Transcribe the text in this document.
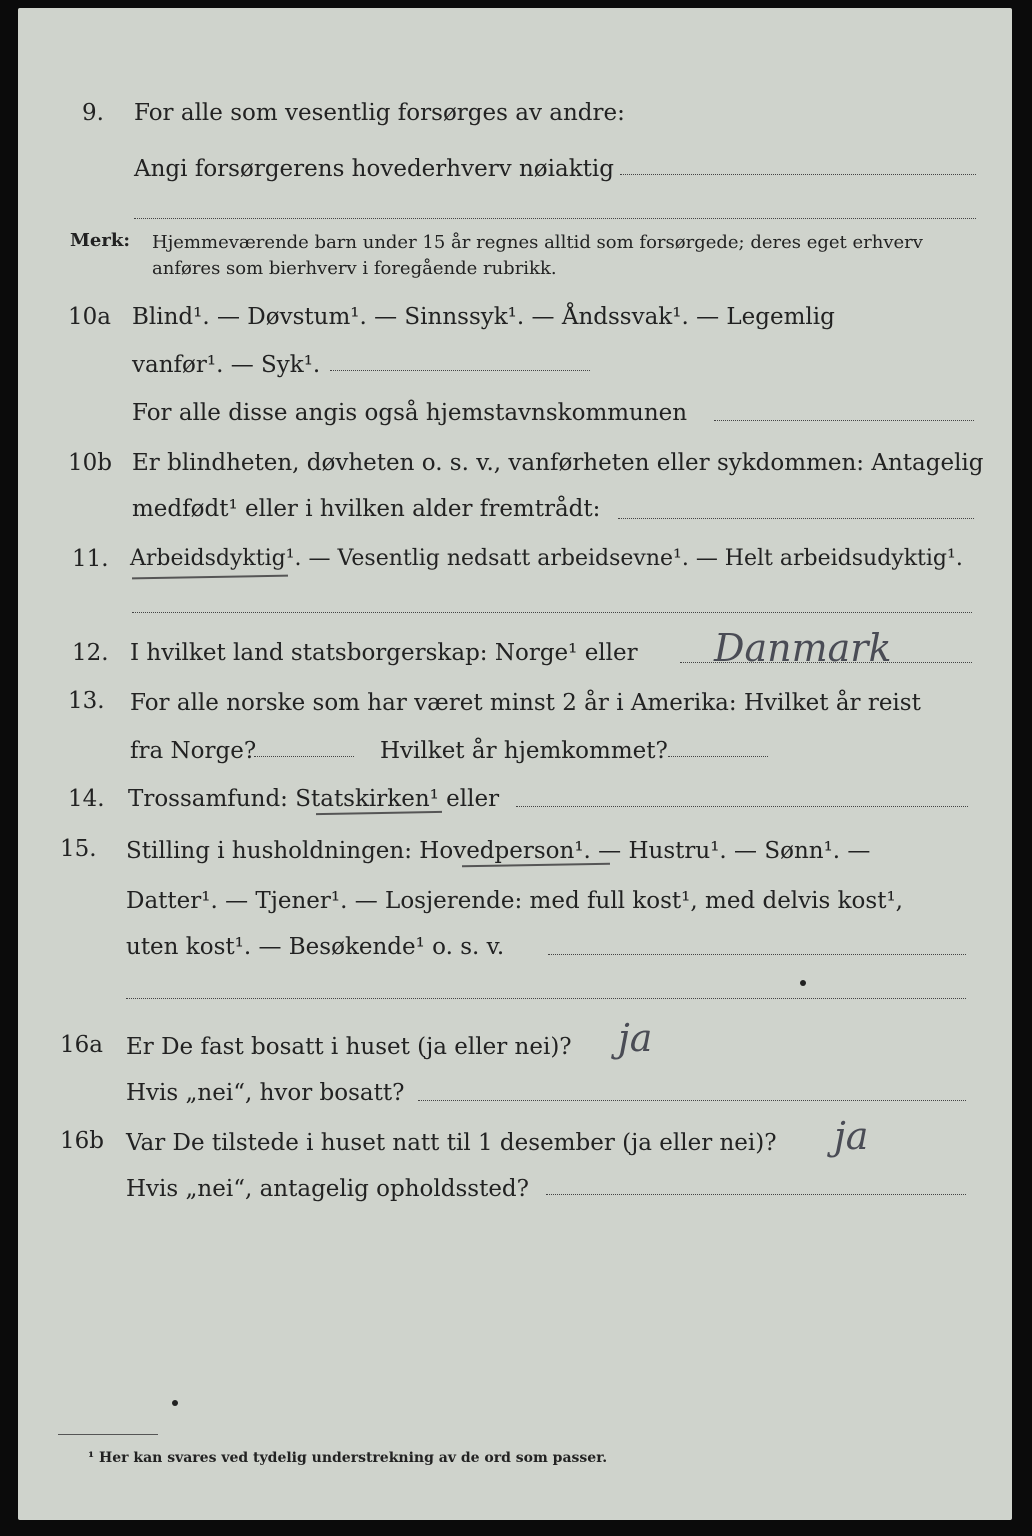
9. For alle som vesentlig forsørges av andre:
Angi forsørgerens hovederhverv nøiaktig
Merk: Hjemmeværende barn under 15 år regnes alltid som forsørgede; deres eget erhverv
anføres som bierhverv i foregående rubrikk.
10a Blind¹. — Døvstum¹. — Sinnssyk¹. — Åndssvak¹. — Legemlig
vanfør¹. — Syk¹.
For alle disse angis også hjemstavnskommunen
10b Er blindheten, døvheten o. s. v., vanførheten eller sykdommen: Antagelig
medfødt¹ eller i hvilken alder fremtrådt:
11. Arbeidsdyktig¹. — Vesentlig nedsatt arbeidsevne¹. — Helt arbeidsudyktig¹.
12. I hvilket land statsborgerskap: Norge¹ eller Danmark
13. For alle norske som har været minst 2 år i Amerika: Hvilket år reist
fra Norge?	Hvilket år hjemkommet?
14. Trossamfund: Statskirken¹ eller
15. Stilling i husholdningen: Hovedperson¹. — Hustru¹. — Sønn¹. —
Datter¹. — Tjener¹. — Losjerende: med full kost¹, med delvis kost¹,
uten kost¹. — Besøkende¹ o. s. v.
16a Er De fast bosatt i huset (ja eller nei)? ja
Hvis „nei“, hvor bosatt?
16b Var De tilstede i huset natt til 1 desember (ja eller nei)? ja
Hvis „nei“, antagelig opholdssted?
¹ Her kan svares ved tydelig understrekning av de ord som passer.
